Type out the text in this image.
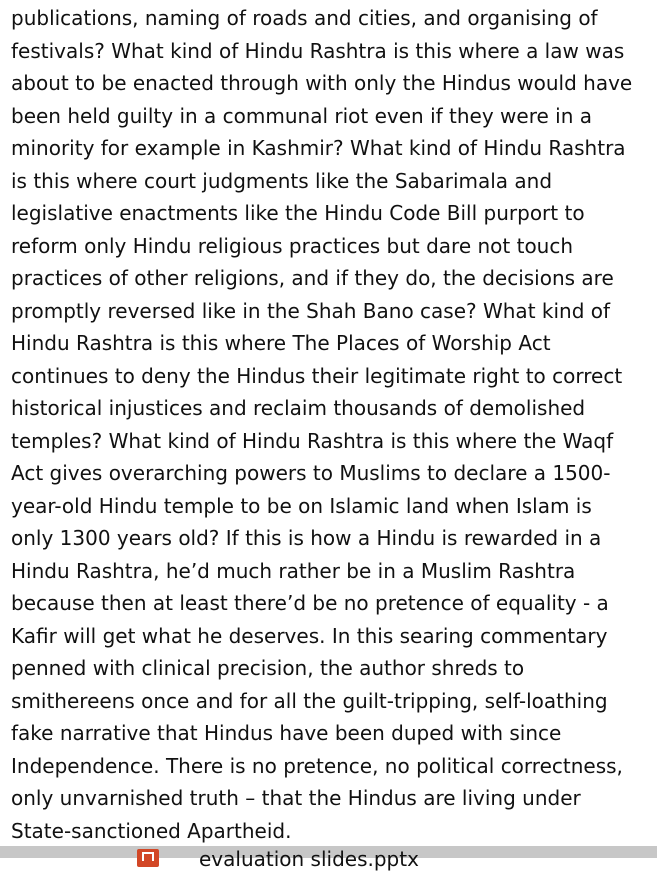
publications, naming of roads and cities, and organising of
festivals? What kind of Hindu Rashtra is this where a law was
about to be enacted through with only the Hindus would have
been held guilty in a communal riot even if they were in a
minority for example in Kashmir? What kind of Hindu Rashtra
is this where court judgments like the Sabarimala and
legislative enactments like the Hindu Code Bill purport to
reform only Hindu religious practices but dare not touch
practices of other religions, and if they do, the decisions are
promptly reversed like in the Shah Bano case? What kind of
Hindu Rashtra is this where The Places of Worship Act
continues to deny the Hindus their legitimate right to correct
historical injustices and reclaim thousands of demolished
temples? What kind of Hindu Rashtra is this where the Waqf
Act gives overarching powers to Muslims to declare a 1500-
year-old Hindu temple to be on Islamic land when Islam is
only 1300 years old? If this is how a Hindu is rewarded in a
Hindu Rashtra, he’d much rather be in a Muslim Rashtra
because then at least there’d be no pretence of equality - a
Kafir will get what he deserves. In this searing commentary
penned with clinical precision, the author shreds to
smithereens once and for all the guilt-tripping, self-loathing
fake narrative that Hindus have been duped with since
Independence. There is no pretence, no political correctness,
only unvarnished truth – that the Hindus are living under
State-sanctioned Apartheid.
evaluation slides.pptx
